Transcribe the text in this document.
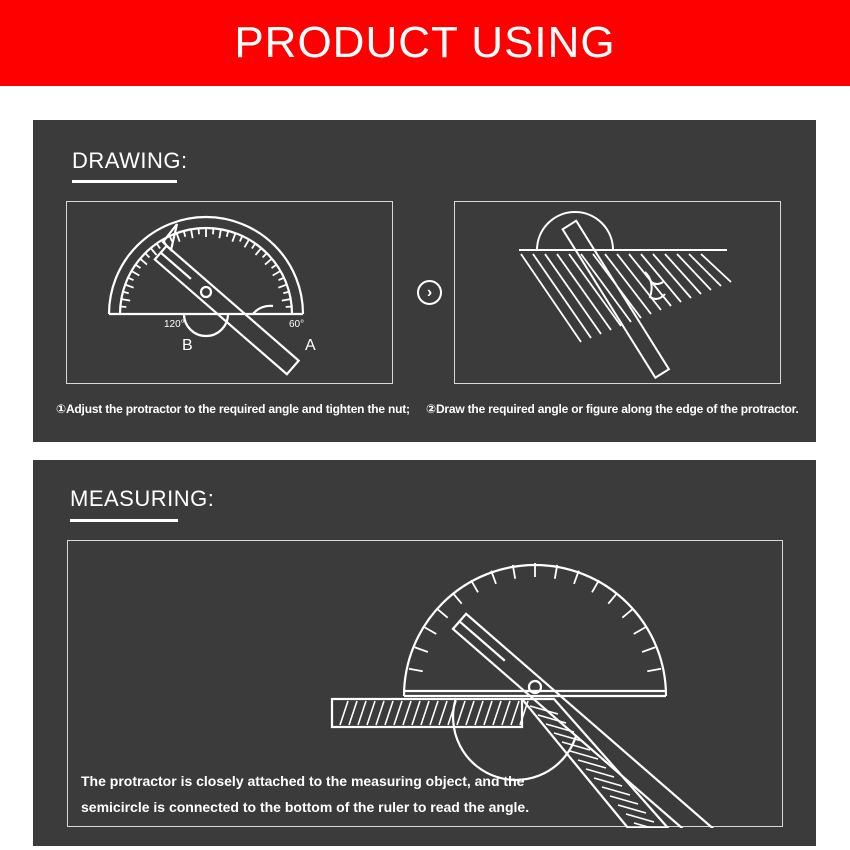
PRODUCT USING
DRAWING:
120°	60°
B	A
›
①Adjust the protractor to the required angle and tighten the nut; ②Draw the required angle or figure along the edge of the protractor.
MEASURING:
The protractor is closely attached to the measuring object, and the
semicircle is connected to the bottom of the ruler to read the angle.
